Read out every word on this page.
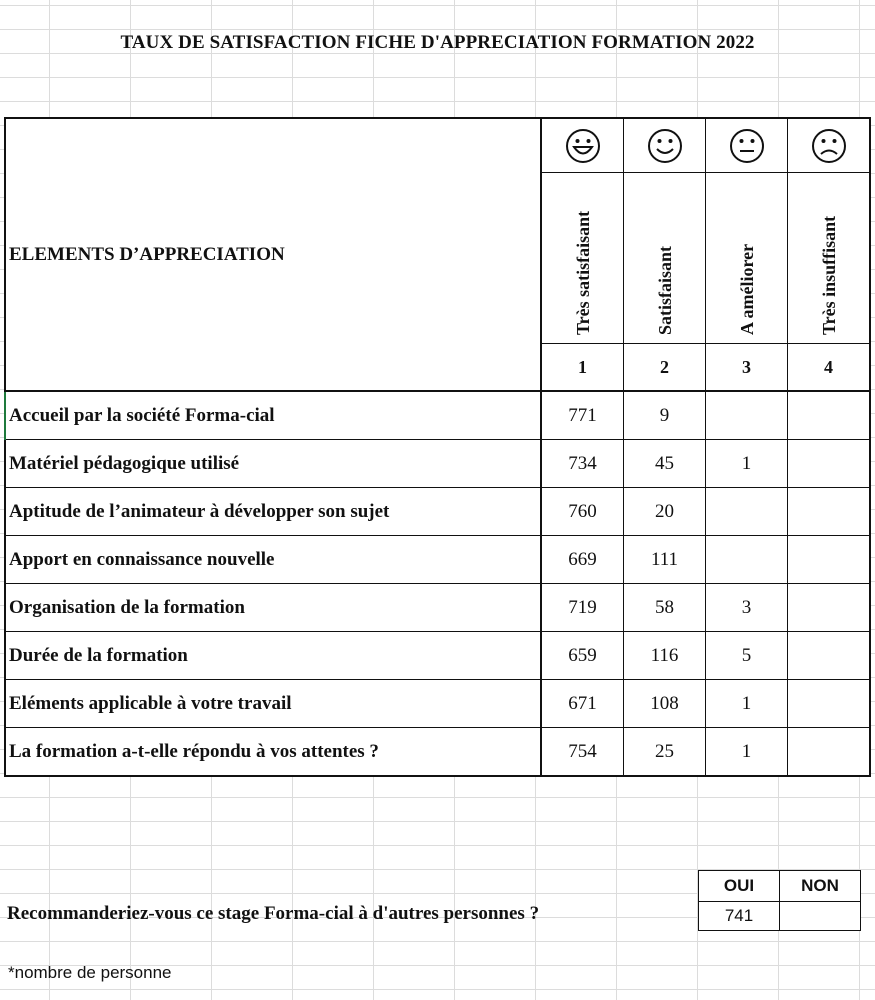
TAUX DE SATISFACTION FICHE D'APPRECIATION FORMATION 2022
ELEMENTS D’APPRECIATION	Très satisfaisant	Satisfaisant	A améliorer	Très insuffisant

	1	2	3	4
Accueil par la société Forma-cial	771	9		
Matériel pédagogique utilisé	734	45	1	
Aptitude de l’animateur à développer son sujet	760	20		
Apport en connaissance nouvelle	669	111		
Organisation de la formation	719	58	3	
Durée de la formation	659	116	5	
Eléments applicable à votre travail	671	108	1	
La formation a-t-elle répondu à vos attentes ?	754	25	1	
OUI	NON
741	
Recommanderiez-vous ce stage Forma-cial à d'autres personnes ?
*nombre de personne
